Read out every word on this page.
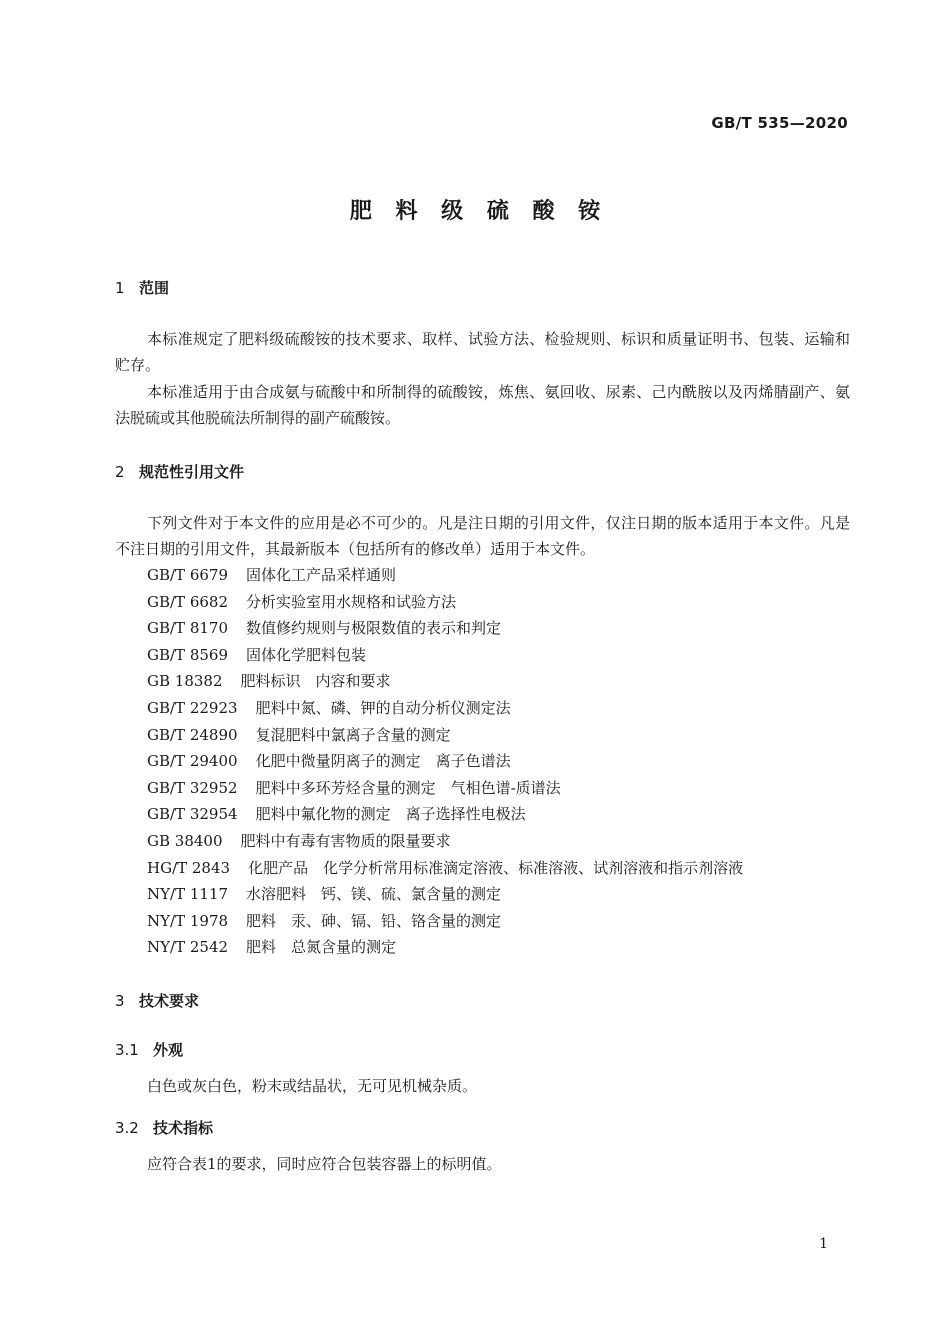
GB/T 535—2020
肥 料 级 硫 酸 铵
1 范围

本标准规定了肥料级硫酸铵的技术要求、取样、试验方法、检验规则、标识和质量证明书、包装、运输和贮存。

本标准适用于由合成氨与硫酸中和所制得的硫酸铵，炼焦、氨回收、尿素、己内酰胺以及丙烯腈副产、氨法脱硫或其他脱硫法所制得的副产硫酸铵。

2 规范性引用文件

下列文件对于本文件的应用是必不可少的。凡是注日期的引用文件，仅注日期的版本适用于本文件。凡是不注日期的引用文件，其最新版本（包括所有的修改单）适用于本文件。

GB/T 6679 固体化工产品采样通则
GB/T 6682 分析实验室用水规格和试验方法
GB/T 8170 数值修约规则与极限数值的表示和判定
GB/T 8569 固体化学肥料包装
GB 18382 肥料标识　内容和要求
GB/T 22923 肥料中氮、磷、钾的自动分析仪测定法
GB/T 24890 复混肥料中氯离子含量的测定
GB/T 29400 化肥中微量阴离子的测定　离子色谱法
GB/T 32952 肥料中多环芳烃含量的测定　气相色谱-质谱法
GB/T 32954 肥料中氟化物的测定　离子选择性电极法
GB 38400 肥料中有毒有害物质的限量要求
HG/T 2843 化肥产品　化学分析常用标准滴定溶液、标准溶液、试剂溶液和指示剂溶液
NY/T 1117 水溶肥料　钙、镁、硫、氯含量的测定
NY/T 1978 肥料　汞、砷、镉、铅、铬含量的测定
NY/T 2542 肥料　总氮含量的测定
3 技术要求
3.1 外观
白色或灰白色，粉末或结晶状，无可见机械杂质。
3.2 技术指标
应符合表1的要求，同时应符合包装容器上的标明值。
1
